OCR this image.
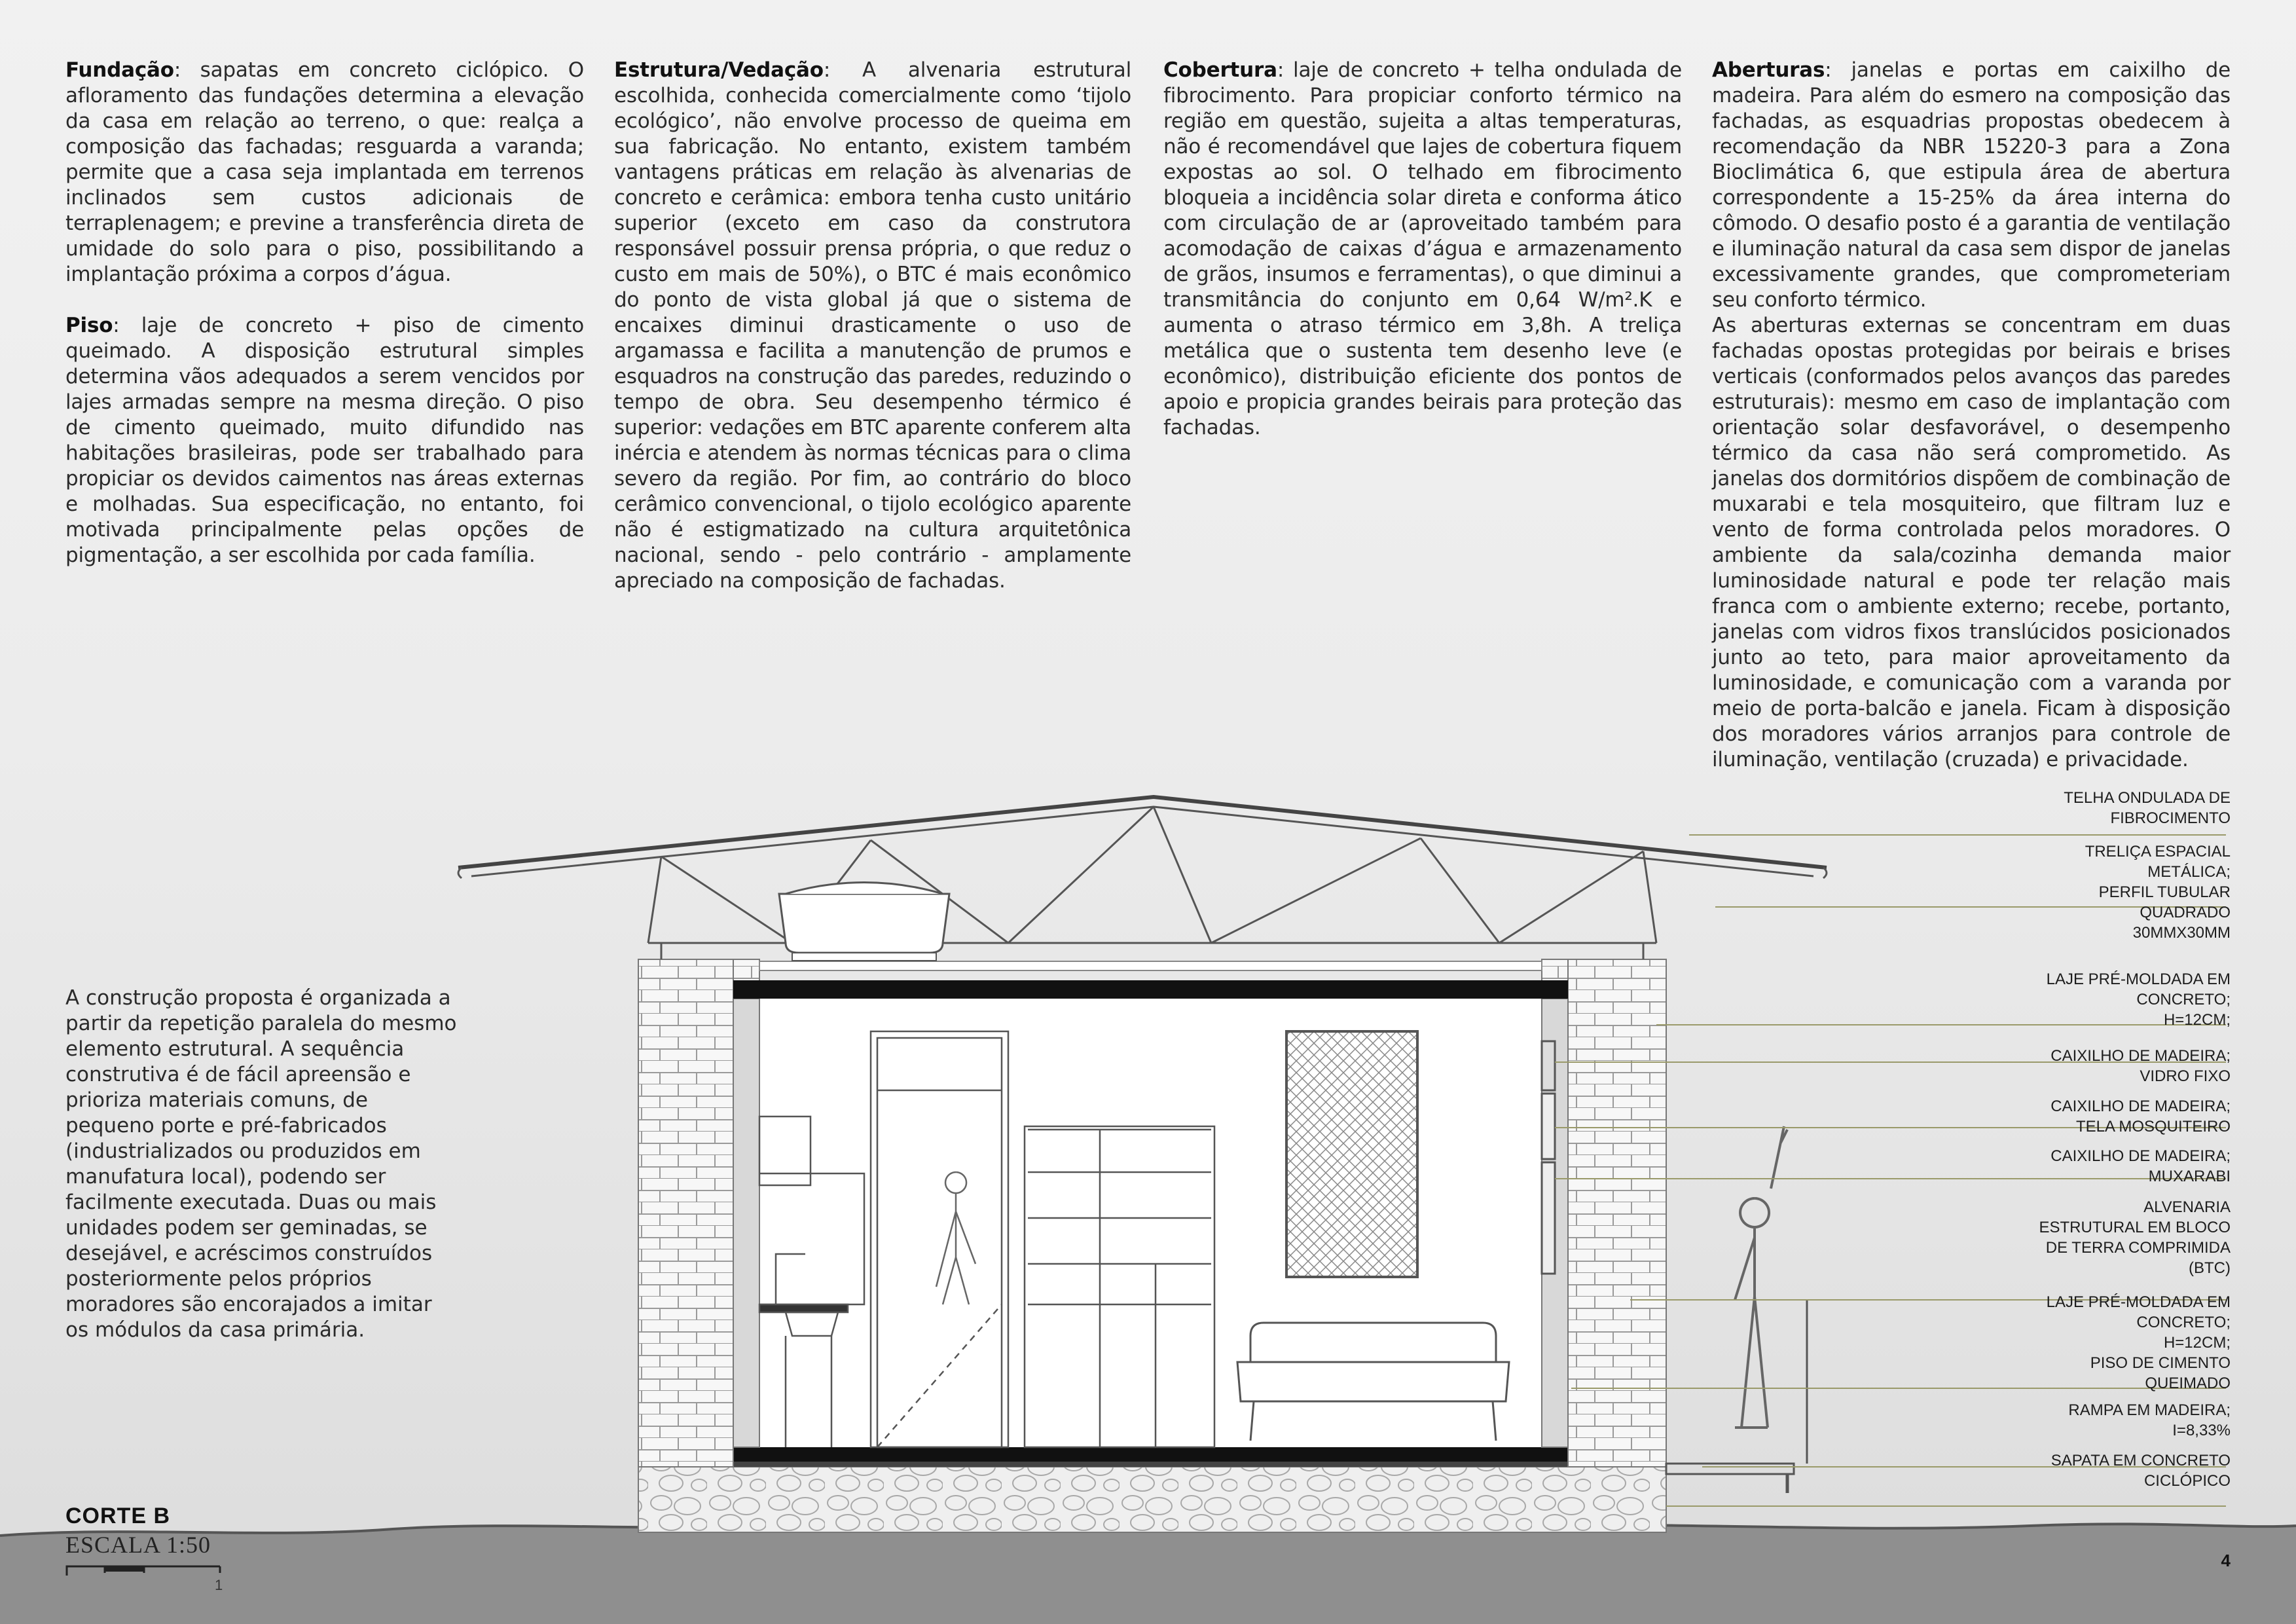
Fundação: sapatas em concreto ciclópico. O afloramento das fundações determina a elevação da casa em relação ao terreno, o que: realça a composição das fachadas; resguarda a varanda; permite que a casa seja implantada em terrenos inclinados sem custos adicionais de terraplenagem; e previne a transferência direta de umidade do solo para o piso, possibilitando a implantação próxima a corpos d’água.

Piso: laje de concreto + piso de cimento queimado. A disposição estrutural simples determina vãos adequados a serem vencidos por lajes armadas sempre na mesma direção. O piso de cimento queimado, muito difundido nas habitações brasileiras, pode ser trabalhado para propiciar os devidos caimentos nas áreas externas e molhadas. Sua especificação, no entanto, foi motivada principalmente pelas opções de pigmentação, a ser escolhida por cada família.

Estrutura/Vedação: A alvenaria estrutural escolhida, conhecida comercialmente como ‘tijolo ecológico’, não envolve processo de queima em sua fabricação. No entanto, existem também vantagens práticas em relação às alvenarias de concreto e cerâmica: embora tenha custo unitário superior (exceto em caso da construtora responsável possuir prensa própria, o que reduz o custo em mais de 50%), o BTC é mais econômico do ponto de vista global já que o sistema de encaixes diminui drasticamente o uso de argamassa e facilita a manutenção de prumos e esquadros na construção das paredes, reduzindo o tempo de obra. Seu desempenho térmico é superior: vedações em BTC aparente conferem alta inércia e atendem às normas técnicas para o clima severo da região. Por fim, ao contrário do bloco cerâmico convencional, o tijolo ecológico aparente não é estigmatizado na cultura arquitetônica nacional, sendo - pelo contrário - amplamente apreciado na composição de fachadas.

Cobertura: laje de concreto + telha ondulada de fibrocimento. Para propiciar conforto térmico na região em questão, sujeita a altas temperaturas, não é recomendável que lajes de cobertura fiquem expostas ao sol. O telhado em fibrocimento bloqueia a incidência solar direta e conforma ático com circulação de ar (aproveitado também para acomodação de caixas d’água e armazenamento de grãos, insumos e ferramentas), o que diminui a transmitância do conjunto em 0,64 W/m².K e aumenta o atraso térmico em 3,8h. A treliça metálica que o sustenta tem desenho leve (e econômico), distribuição eficiente dos pontos de apoio e propicia grandes beirais para proteção das fachadas.

Aberturas: janelas e portas em caixilho de madeira. Para além do esmero na composição das fachadas, as esquadrias propostas obedecem à recomendação da NBR 15220-3 para a Zona Bioclimática 6, que estipula área de abertura correspondente a 15-25% da área interna do cômodo. O desafio posto é a garantia de ventilação e iluminação natural da casa sem dispor de janelas excessivamente grandes, que comprometeriam seu conforto térmico.

As aberturas externas se concentram em duas fachadas opostas protegidas por beirais e brises verticais (conformados pelos avanços das paredes estruturais): mesmo em caso de implantação com orientação solar desfavorável, o desempenho térmico da casa não será comprometido. As janelas dos dormitórios dispõem de combinação de muxarabi e tela mosquiteiro, que filtram luz e vento de forma controlada pelos moradores. O ambiente da sala/cozinha demanda maior luminosidade natural e pode ter relação mais franca com o ambiente externo; recebe, portanto, janelas com vidros fixos translúcidos posicionados junto ao teto, para maior aproveitamento da luminosidade, e comunicação com a varanda por meio de porta-balcão e janela. Ficam à disposição dos moradores vários arranjos para controle de iluminação, ventilação (cruzada) e privacidade.

A construção proposta é organizada a partir da repetição paralela do mesmo elemento estrutural. A sequência construtiva é de fácil apreensão e prioriza materiais comuns, de pequeno porte e pré-fabricados (industrializados ou produzidos em manufatura local), podendo ser facilmente executada. Duas ou mais unidades podem ser geminadas, se desejável, e acréscimos construídos posteriormente pelos próprios moradores são encorajados a imitar os módulos da casa primária.

TELHA ONDULADA DE
FIBROCIMENTO
TRELIÇA ESPACIAL
METÁLICA;
PERFIL TUBULAR
QUADRADO
30MMX30MM
LAJE PRÉ-MOLDADA EM
CONCRETO;
H=12CM;
CAIXILHO DE MADEIRA;
VIDRO FIXO
CAIXILHO DE MADEIRA;
TELA MOSQUITEIRO
CAIXILHO DE MADEIRA;
MUXARABI
ALVENARIA
ESTRUTURAL EM BLOCO
DE TERRA COMPRIMIDA
(BTC)
LAJE PRÉ-MOLDADA EM
CONCRETO;
H=12CM;
PISO DE CIMENTO
QUEIMADO
RAMPA EM MADEIRA;
I=8,33%
SAPATA EM CONCRETO
CICLÓPICO
CORTE B
ESCALA 1:50
1
4
